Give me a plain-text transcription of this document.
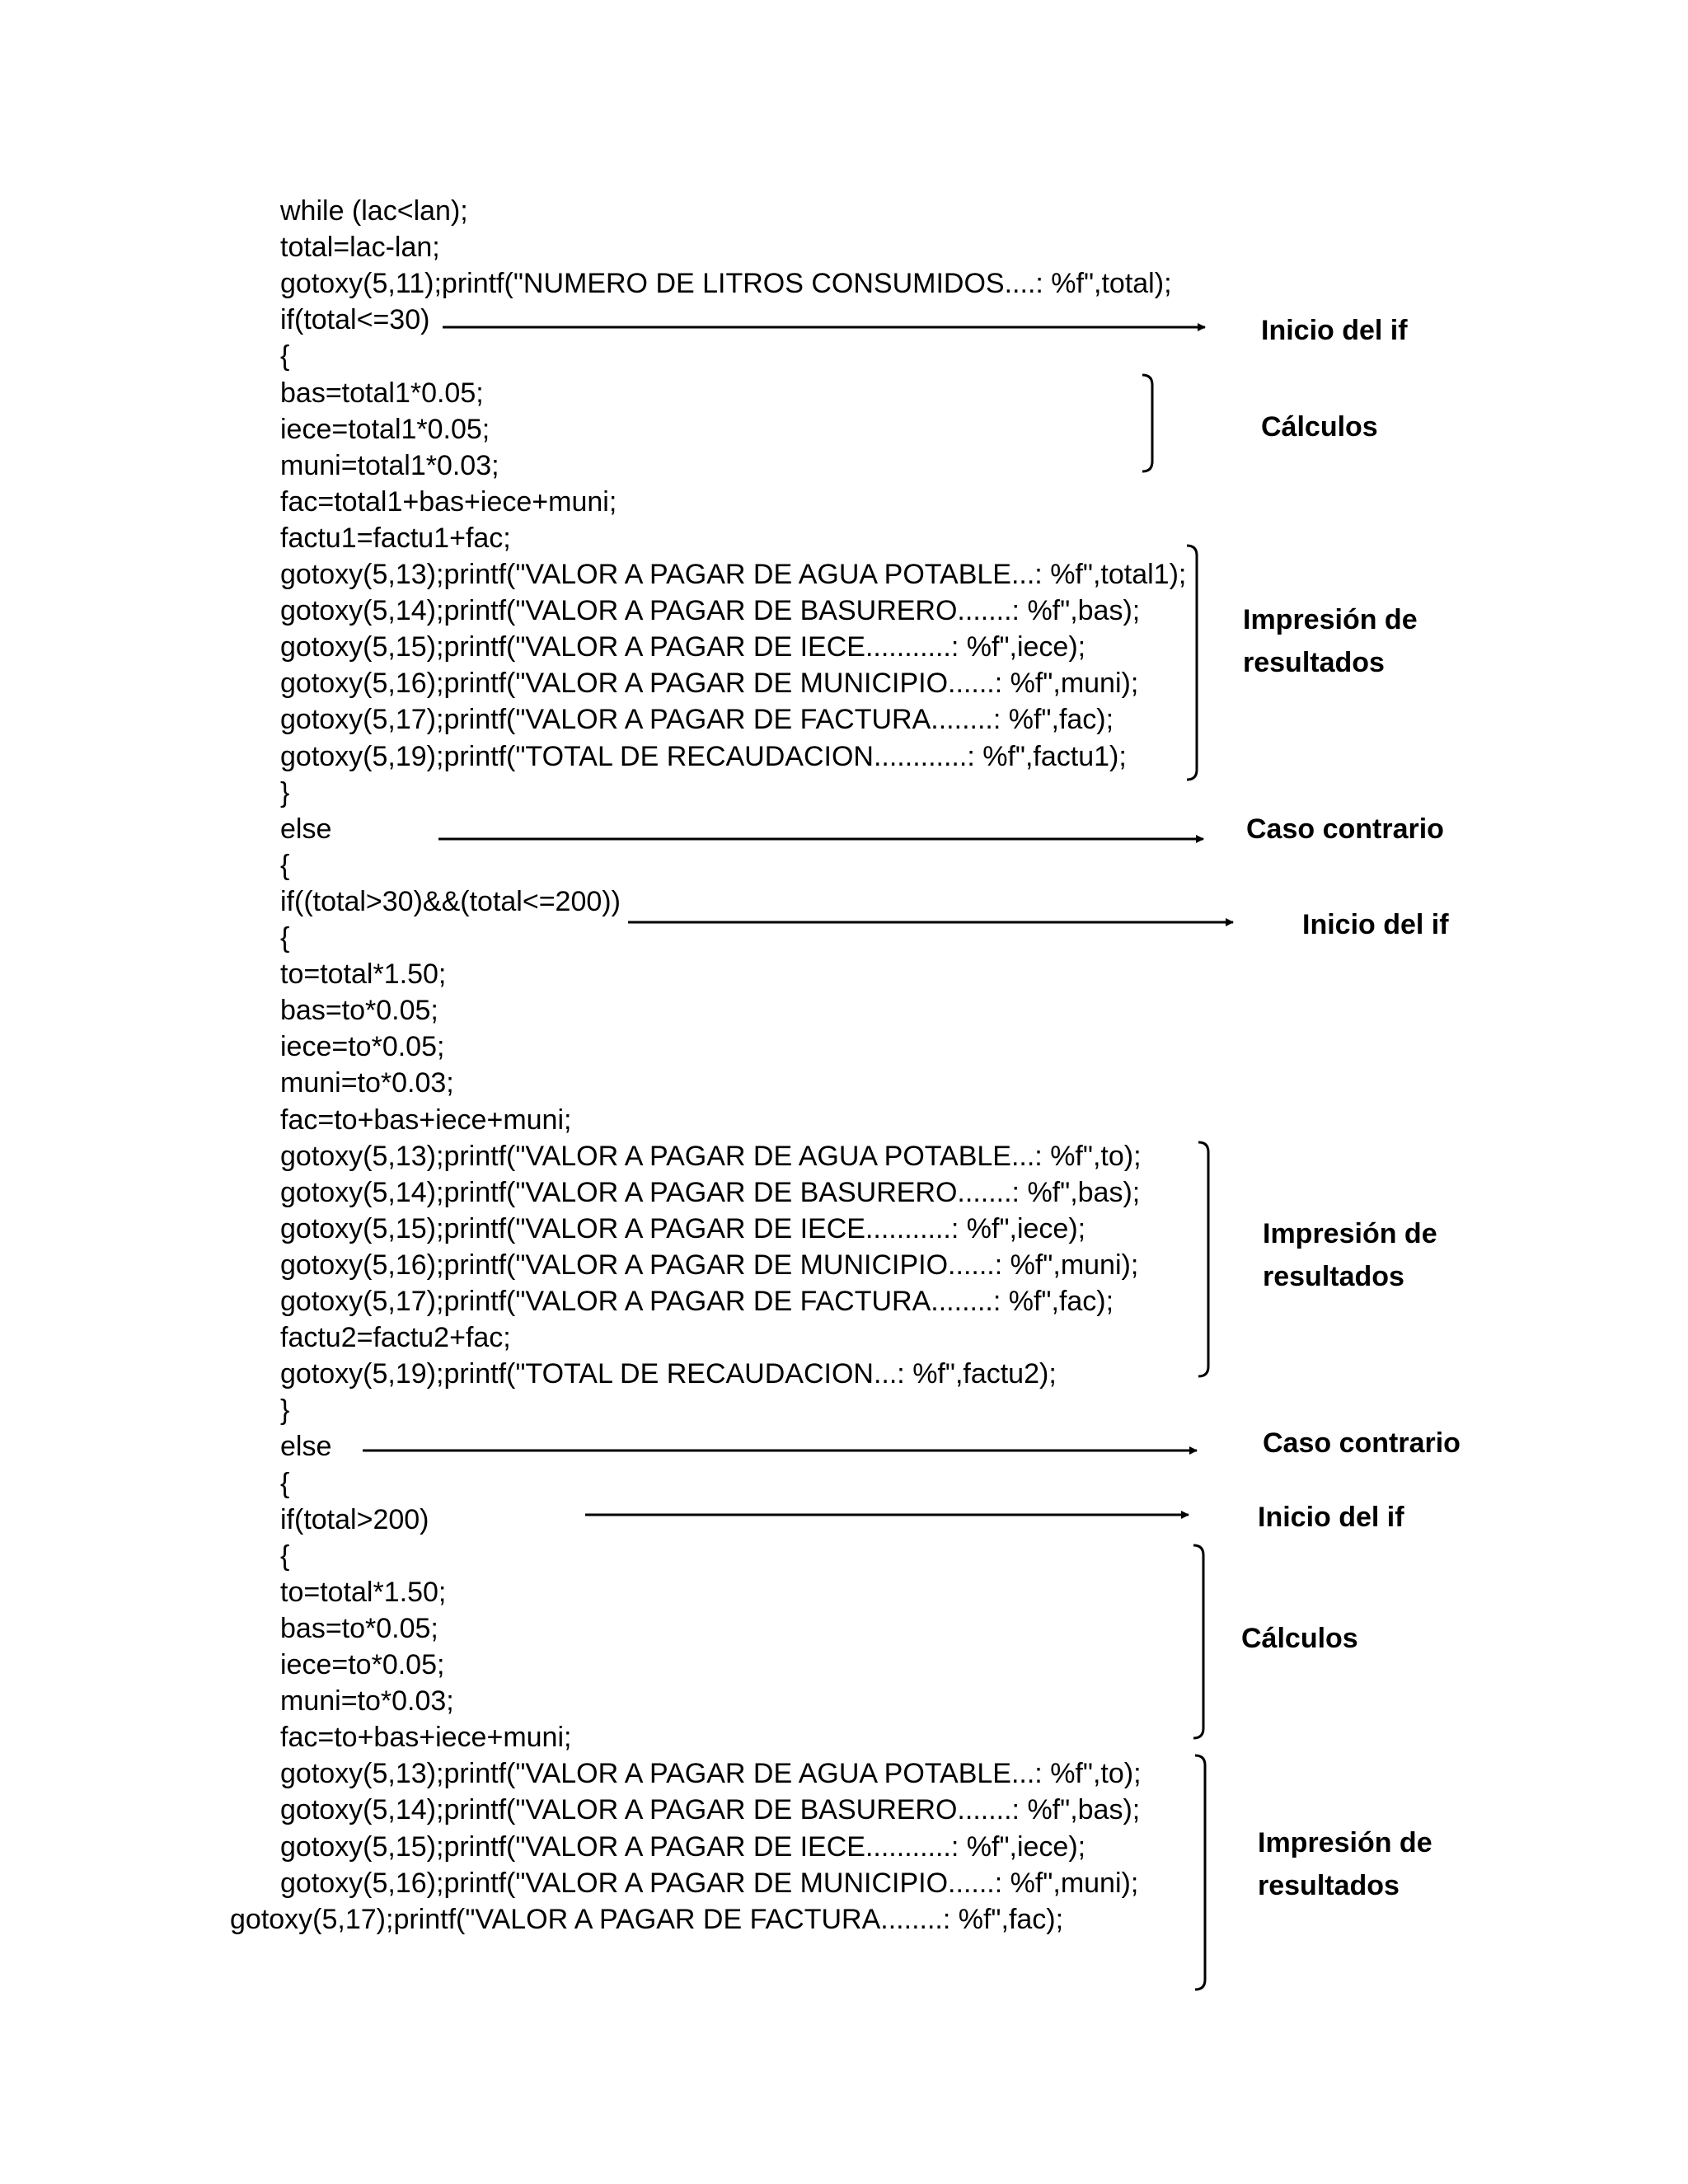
while (lac<lan);
total=lac-lan;
gotoxy(5,11);printf("NUMERO DE LITROS CONSUMIDOS....: %f",total);
if(total<=30)
{
bas=total1*0.05;
iece=total1*0.05;
muni=total1*0.03;
fac=total1+bas+iece+muni;
factu1=factu1+fac;
gotoxy(5,13);printf("VALOR A PAGAR DE AGUA POTABLE...: %f",total1);
gotoxy(5,14);printf("VALOR A PAGAR DE BASURERO.......: %f",bas);
gotoxy(5,15);printf("VALOR A PAGAR DE IECE...........: %f",iece);
gotoxy(5,16);printf("VALOR A PAGAR DE MUNICIPIO......: %f",muni);
gotoxy(5,17);printf("VALOR A PAGAR DE FACTURA........: %f",fac);
gotoxy(5,19);printf("TOTAL DE RECAUDACION............: %f",factu1);
}
else
{
if((total>30)&&(total<=200))
{
to=total*1.50;
bas=to*0.05;
iece=to*0.05;
muni=to*0.03;
fac=to+bas+iece+muni;
gotoxy(5,13);printf("VALOR A PAGAR DE AGUA POTABLE...: %f",to);
gotoxy(5,14);printf("VALOR A PAGAR DE BASURERO.......: %f",bas);
gotoxy(5,15);printf("VALOR A PAGAR DE IECE...........: %f",iece);
gotoxy(5,16);printf("VALOR A PAGAR DE MUNICIPIO......: %f",muni);
gotoxy(5,17);printf("VALOR A PAGAR DE FACTURA........: %f",fac);
factu2=factu2+fac;
gotoxy(5,19);printf("TOTAL DE RECAUDACION...: %f",factu2);
}
else
{
if(total>200)
{
to=total*1.50;
bas=to*0.05;
iece=to*0.05;
muni=to*0.03;
fac=to+bas+iece+muni;
gotoxy(5,13);printf("VALOR A PAGAR DE AGUA POTABLE...: %f",to);
gotoxy(5,14);printf("VALOR A PAGAR DE BASURERO.......: %f",bas);
gotoxy(5,15);printf("VALOR A PAGAR DE IECE...........: %f",iece);
gotoxy(5,16);printf("VALOR A PAGAR DE MUNICIPIO......: %f",muni);
gotoxy(5,17);printf("VALOR A PAGAR DE FACTURA........: %f",fac);
Inicio del if
Cálculos
Impresión de
resultados
Caso contrario
Inicio del if
Impresión de
resultados
Caso contrario
Inicio del if
Cálculos
Impresión de
resultados
